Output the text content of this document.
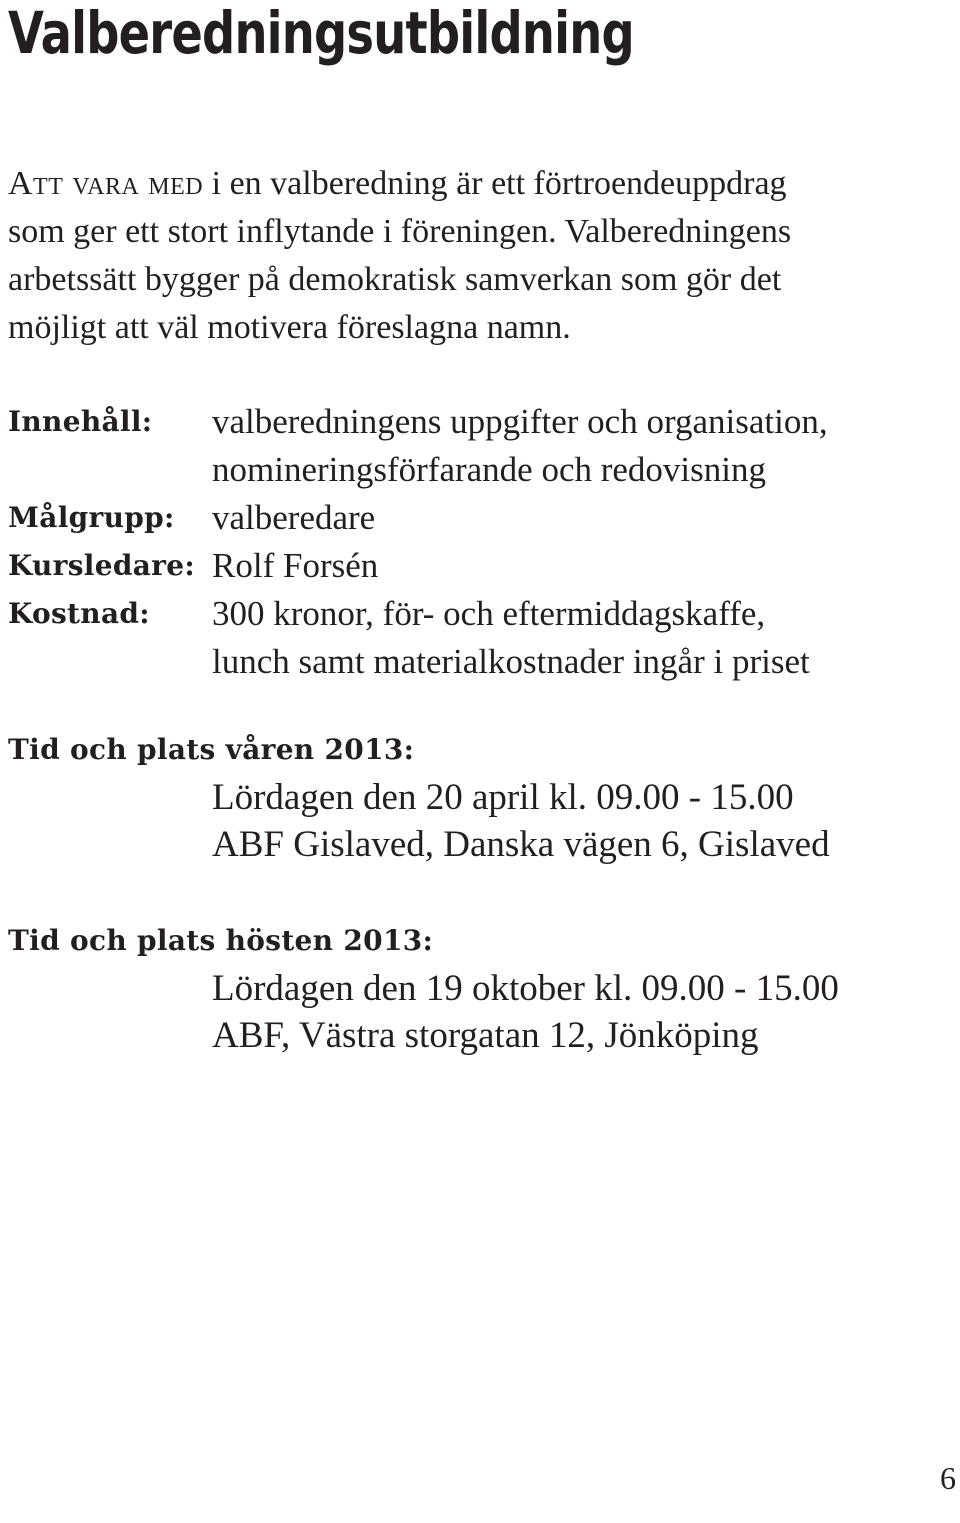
Valberedningsutbildning

Att vara med i en valberedning är ett förtroendeuppdrag
som ger ett stort inflytande i föreningen. Valberedningens
arbetssätt bygger på demokratisk samverkan som gör det
möjligt att väl motivera föreslagna namn.

Innehåll: valberedningens uppgifter och organisation,
nomineringsförfarande och redovisning
Målgrupp: valberedare
Kursledare: Rolf Forsén
Kostnad: 300 kronor, för- och eftermiddagskaffe,
lunch samt materialkostnader ingår i priset
Tid och plats våren 2013:
Lördagen den 20 april kl. 09.00 - 15.00
ABF Gislaved, Danska vägen 6, Gislaved
Tid och plats hösten 2013:
Lördagen den 19 oktober kl. 09.00 - 15.00
ABF, Västra storgatan 12, Jönköping
6
